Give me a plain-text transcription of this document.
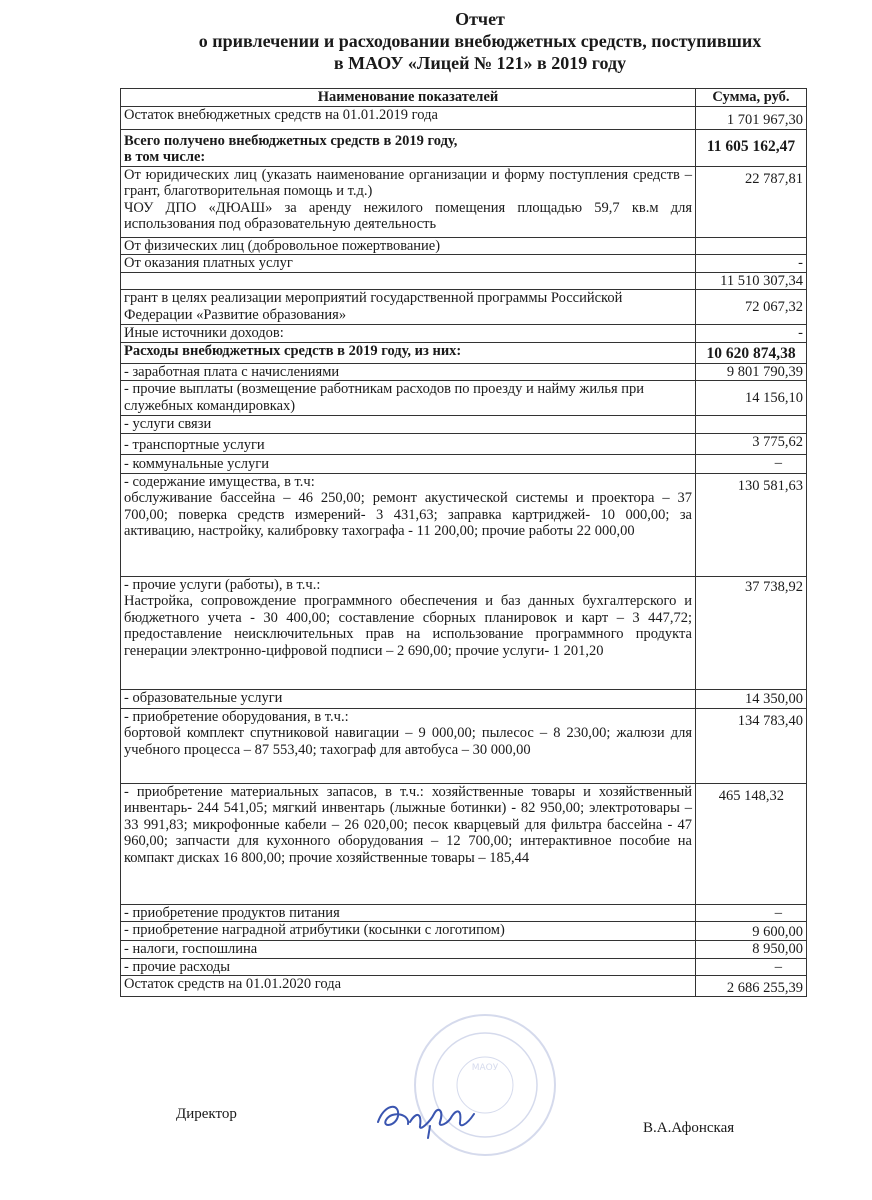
Отчет
о привлечении и расходовании внебюджетных средств, поступивших
в МАОУ «Лицей № 121» в 2019 году
Наименование показателей	Сумма, руб.
Остаток внебюджетных средств на 01.01.2019 года	1 701 967,30

Всего получено внебюджетных средств в 2019 году,
в том числе:	11 605 162,47
От юридических лиц (указать наименование организации и форму поступления средств – грант, благотворительная помощь и т.д.)
ЧОУ ДПО «ДЮАШ» за аренду нежилого помещения площадью 59,7 кв.м для использования под образовательную деятельность	22 787,81
От физических лиц (добровольное пожертвование)	
От оказания платных услуг	-
	11 510 307,34
грант в целях реализации мероприятий государственной программы Российской Федерации «Развитие образования»	72 067,32
Иные источники доходов:	-
Расходы внебюджетных средств в 2019 году, из них:	10 620 874,38
- заработная плата с начислениями	9 801 790,39
- прочие выплаты (возмещение работникам расходов по проезду и найму жилья при служебных командировках)	14 156,10
- услуги связи	
- транспортные услуги	3 775,62
- коммунальные услуги	–
- содержание имущества, в т.ч:
обслуживание бассейна – 46 250,00; ремонт акустической системы и проектора – 37 700,00; поверка средств измерений- 3 431,63; заправка картриджей- 10 000,00; за активацию, настройку, калибровку тахографа - 11 200,00; прочие работы 22 000,00	130 581,63
- прочие услуги (работы), в т.ч.:
Настройка, сопровождение программного обеспечения и баз данных бухгалтерского и бюджетного учета - 30 400,00; составление сборных планировок и карт – 3 447,72; предоставление неисключительных прав на использование программного продукта генерации электронно-цифровой подписи – 2 690,00; прочие услуги- 1 201,20	37 738,92
- образовательные услуги	14 350,00
- приобретение оборудования, в т.ч.:
бортовой комплект спутниковой навигации – 9 000,00; пылесос – 8 230,00; жалюзи для учебного процесса – 87 553,40; тахограф для автобуса – 30 000,00	134 783,40
- приобретение материальных запасов, в т.ч.: хозяйственные товары и хозяйственный инвентарь- 244 541,05; мягкий инвентарь (лыжные ботинки) - 82 950,00; электротовары – 33 991,83; микрофонные кабели – 26 020,00; песок кварцевый для фильтра бассейна - 47 960,00; запчасти для кухонного оборудования – 12 700,00; интерактивное пособие на компакт дисках 16 800,00; прочие хозяйственные товары – 185,44	465 148,32
- приобретение продуктов питания	–
- приобретение наградной атрибутики (косынки с логотипом)	9 600,00
- налоги, госпошлина	8 950,00
- прочие расходы	–
Остаток средств на 01.01.2020 года	2 686 255,39
МАОУ
Директор
В.А.Афонская
